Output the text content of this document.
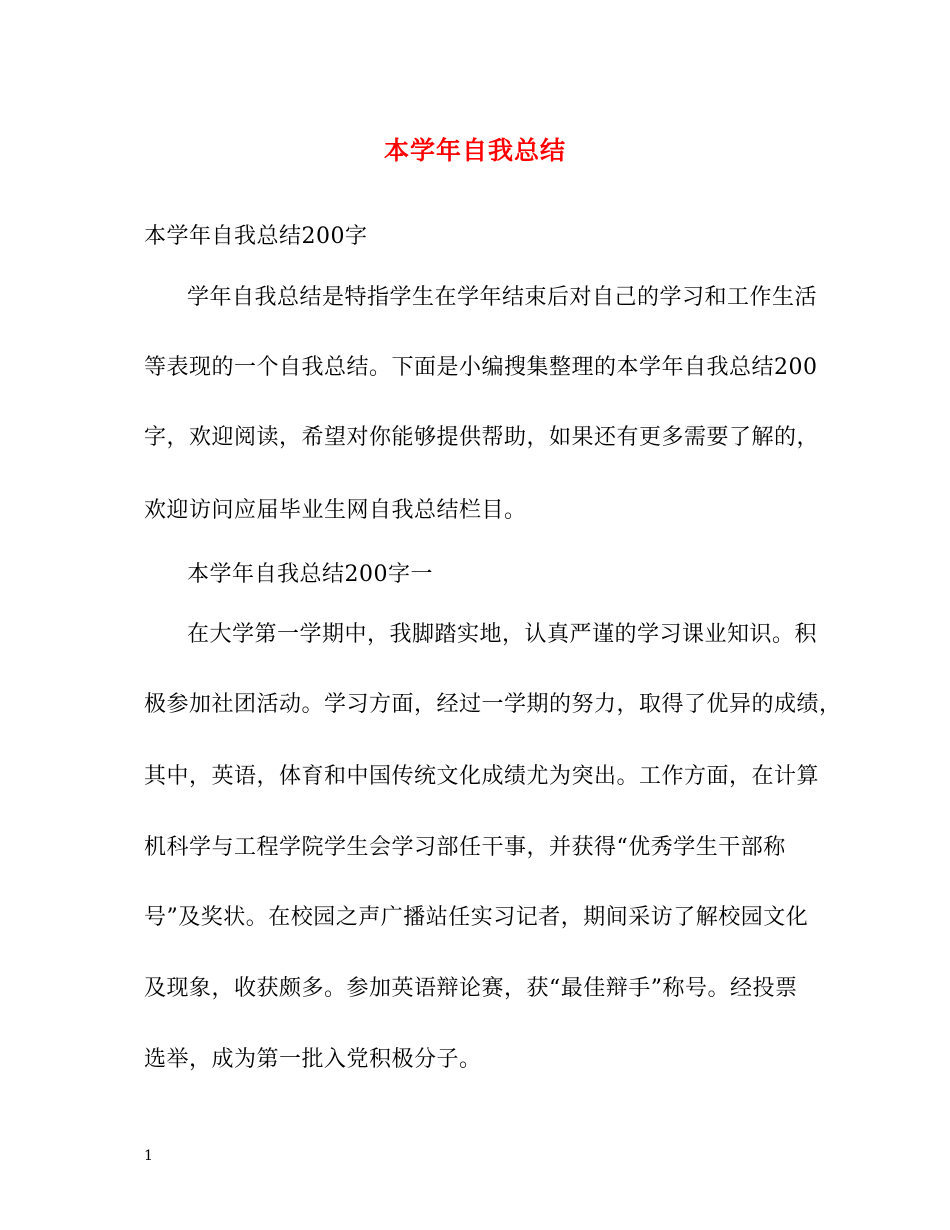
本学年自我总结
本学年自我总结200字
学年自我总结是特指学生在学年结束后对自己的学习和工作生活
等表现的一个自我总结。下面是小编搜集整理的本学年自我总结200
字，欢迎阅读，希望对你能够提供帮助，如果还有更多需要了解的，
欢迎访问应届毕业生网自我总结栏目。
本学年自我总结200字一
在大学第一学期中，我脚踏实地，认真严谨的学习课业知识。积
极参加社团活动。学习方面，经过一学期的努力，取得了优异的成绩，
其中，英语，体育和中国传统文化成绩尤为突出。工作方面，在计算
机科学与工程学院学生会学习部任干事，并获得“优秀学生干部称
号”及奖状。在校园之声广播站任实习记者，期间采访了解校园文化
及现象，收获颇多。参加英语辩论赛，获“最佳辩手”称号。经投票
选举，成为第一批入党积极分子。
1
